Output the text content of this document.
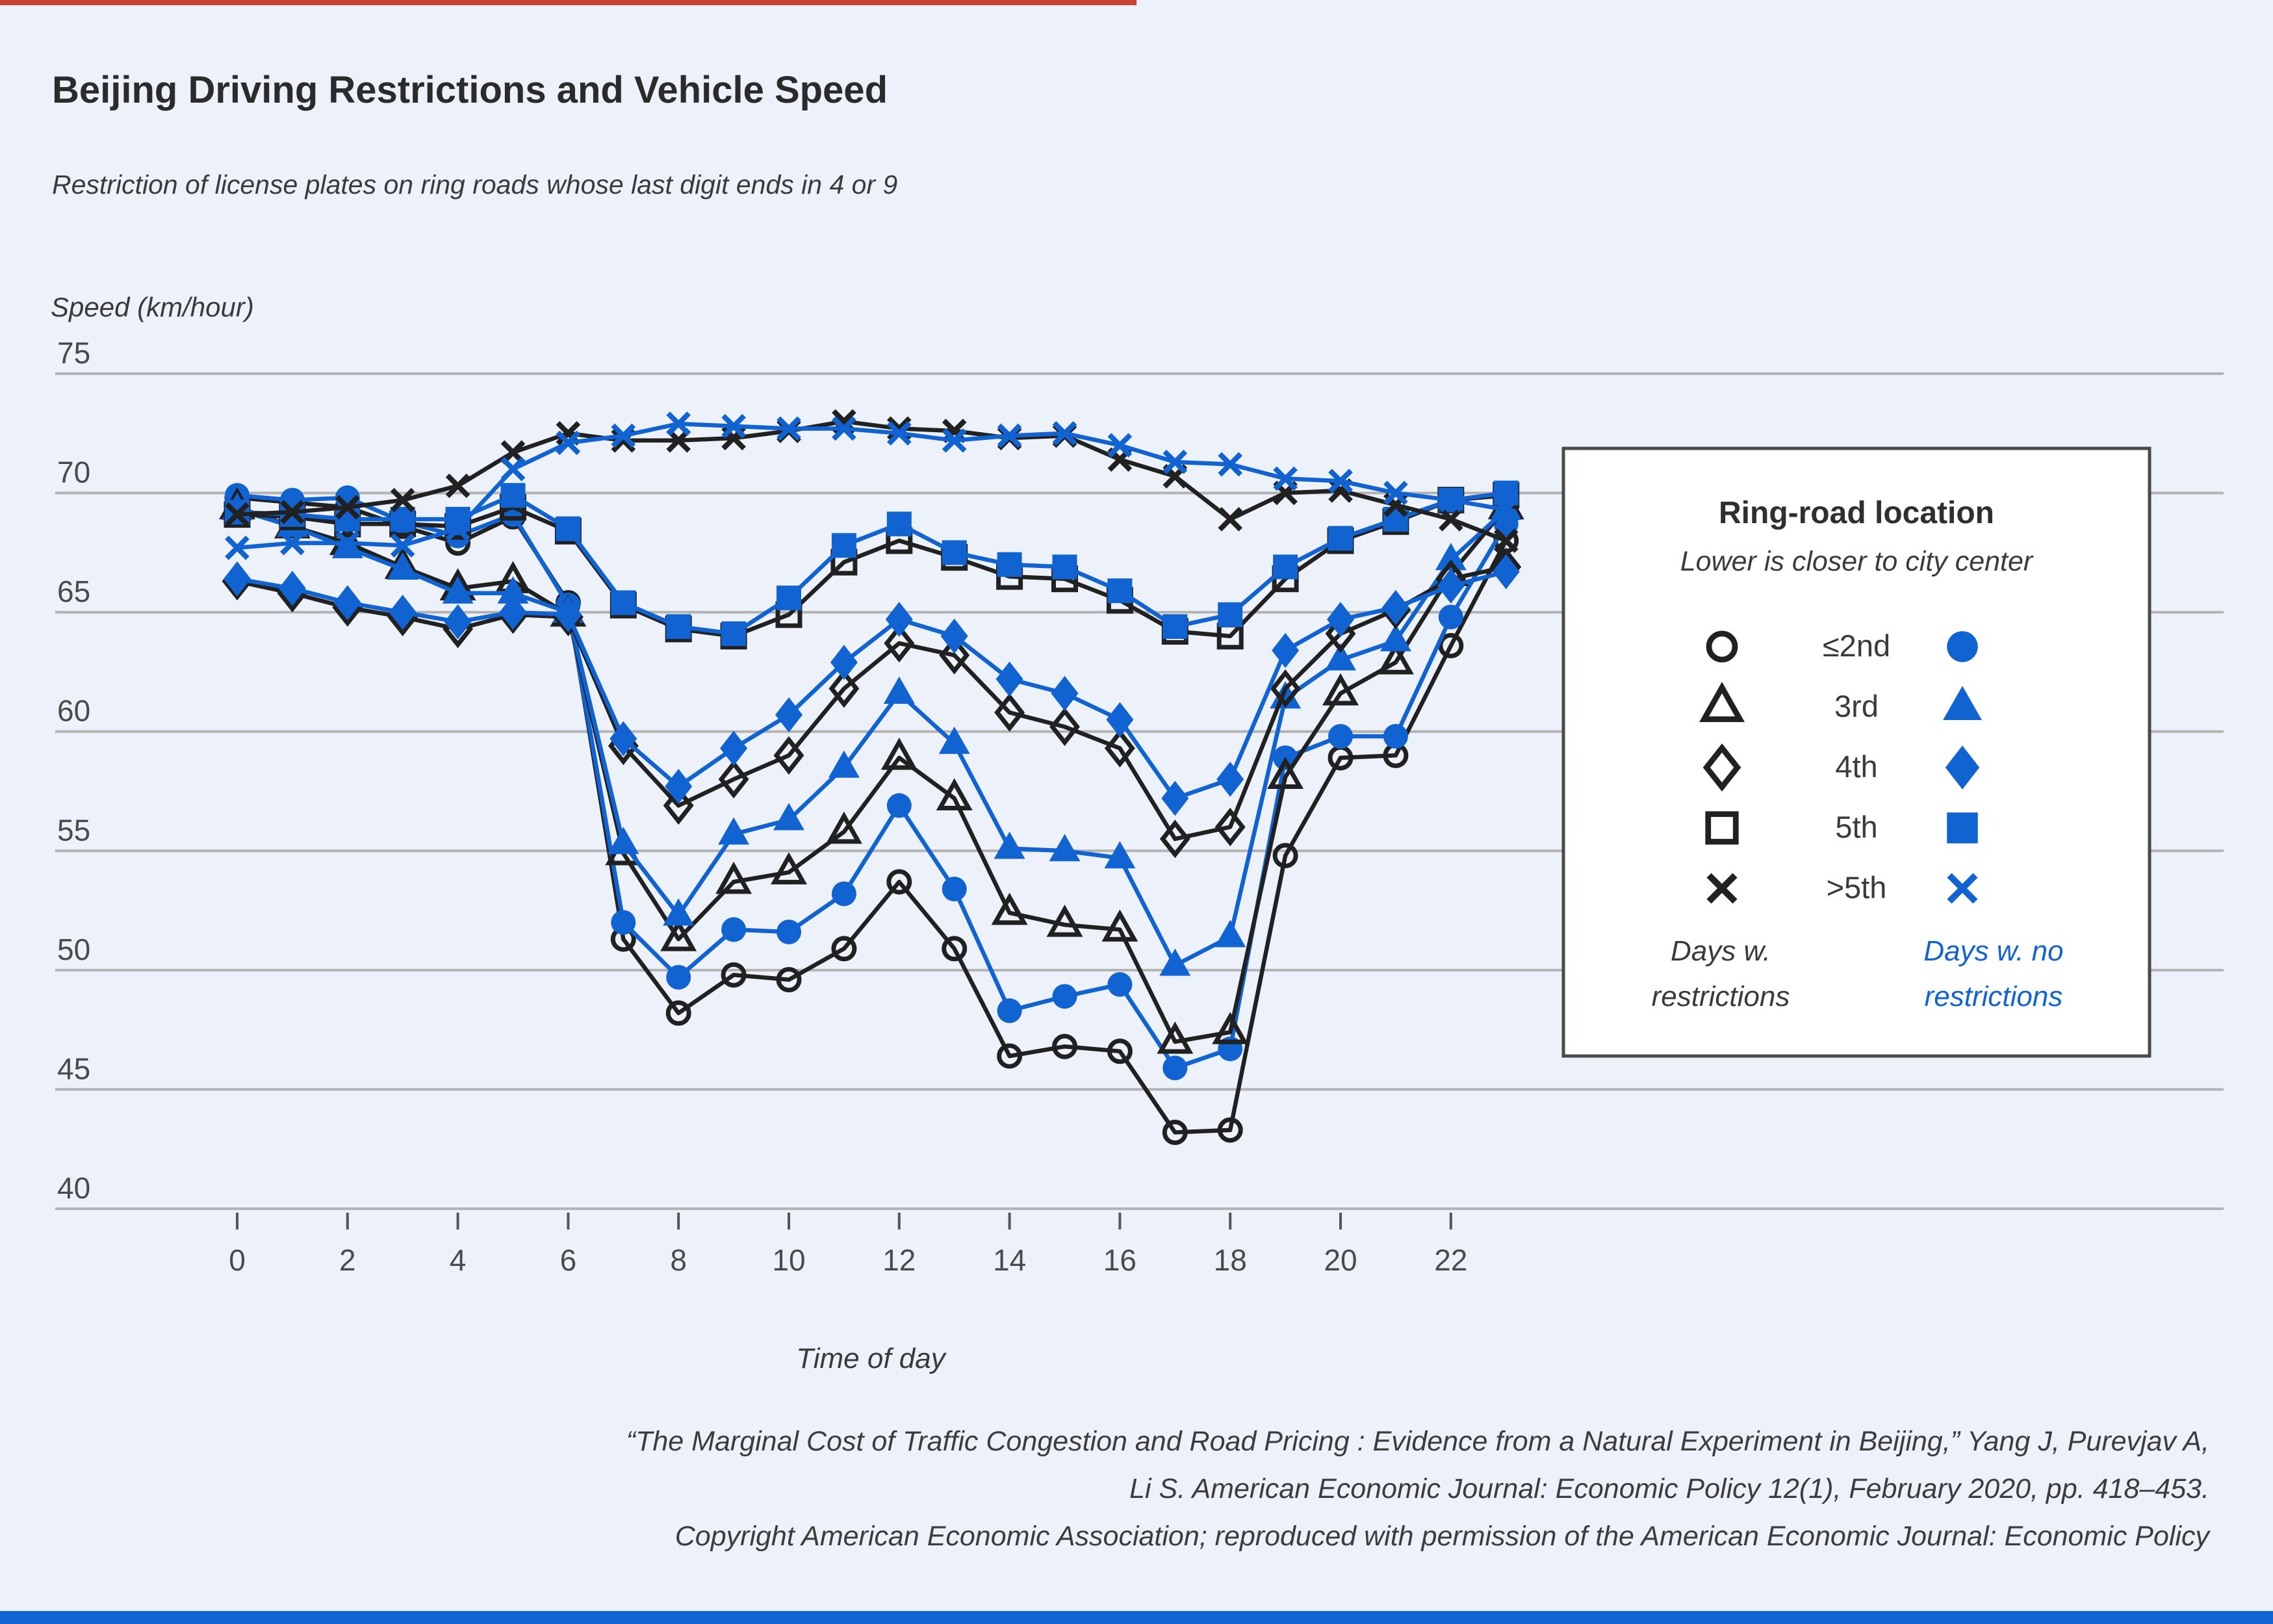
Beijing Driving Restrictions and Vehicle Speed
Restriction of license plates on ring roads whose last digit ends in 4 or 9
Speed (km/hour)
75
70
65
60
55
50
45
40
0	2	4	6	8	10	12	14	16	18	20	22
Time of day
Ring-road location
Lower is closer to city center
≤2nd
3rd
4th
5th
>5th
Days w.
restrictions
Days w. no
restrictions
“The Marginal Cost of Traffic Congestion and Road Pricing : Evidence from a Natural Experiment in Beijing,” Yang J, Purevjav A,
Li S. American Economic Journal: Economic Policy 12(1), February 2020, pp. 418–453.
Copyright American Economic Association; reproduced with permission of the American Economic Journal: Economic Policy
